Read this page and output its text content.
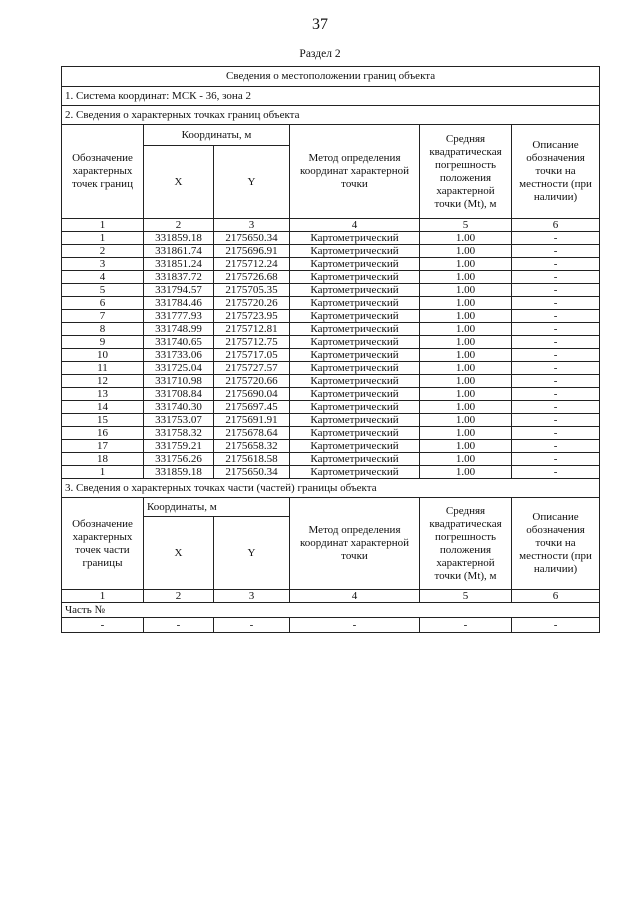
37
Раздел 2
Сведения о местоположении границ объекта					
1. Система координат: МСК - 36, зона 2					
2. Сведения о характерных точках границ объекта					
Обозначение характерных точек границ	Координаты, м		Метод определения координат характерной точки	Средняя квадратическая погрешность положения характерной точки (Mt), м	Описание обозначения точки на местности (при наличии)
	X	Y			
1	2	3	4	5	6
1	331859.18	2175650.34	Картометрический	1.00	-
2	331861.74	2175696.91	Картометрический	1.00	-
3	331851.24	2175712.24	Картометрический	1.00	-
4	331837.72	2175726.68	Картометрический	1.00	-
5	331794.57	2175705.35	Картометрический	1.00	-
6	331784.46	2175720.26	Картометрический	1.00	-
7	331777.93	2175723.95	Картометрический	1.00	-
8	331748.99	2175712.81	Картометрический	1.00	-
9	331740.65	2175712.75	Картометрический	1.00	-
10	331733.06	2175717.05	Картометрический	1.00	-
11	331725.04	2175727.57	Картометрический	1.00	-
12	331710.98	2175720.66	Картометрический	1.00	-
13	331708.84	2175690.04	Картометрический	1.00	-
14	331740.30	2175697.45	Картометрический	1.00	-
15	331753.07	2175691.91	Картометрический	1.00	-
16	331758.32	2175678.64	Картометрический	1.00	-
17	331759.21	2175658.32	Картометрический	1.00	-
18	331756.26	2175618.58	Картометрический	1.00	-
1	331859.18	2175650.34	Картометрический	1.00	-
3. Сведения о характерных точках части (частей) границы объекта					
Обозначение характерных точек части границы	Координаты, м		Метод определения координат характерной точки	Средняя квадратическая погрешность положения характерной точки (Mt), м	Описание обозначения точки на местности (при наличии)
	X	Y			
1	2	3	4	5	6
Часть №					
-	-	-	-	-	-
